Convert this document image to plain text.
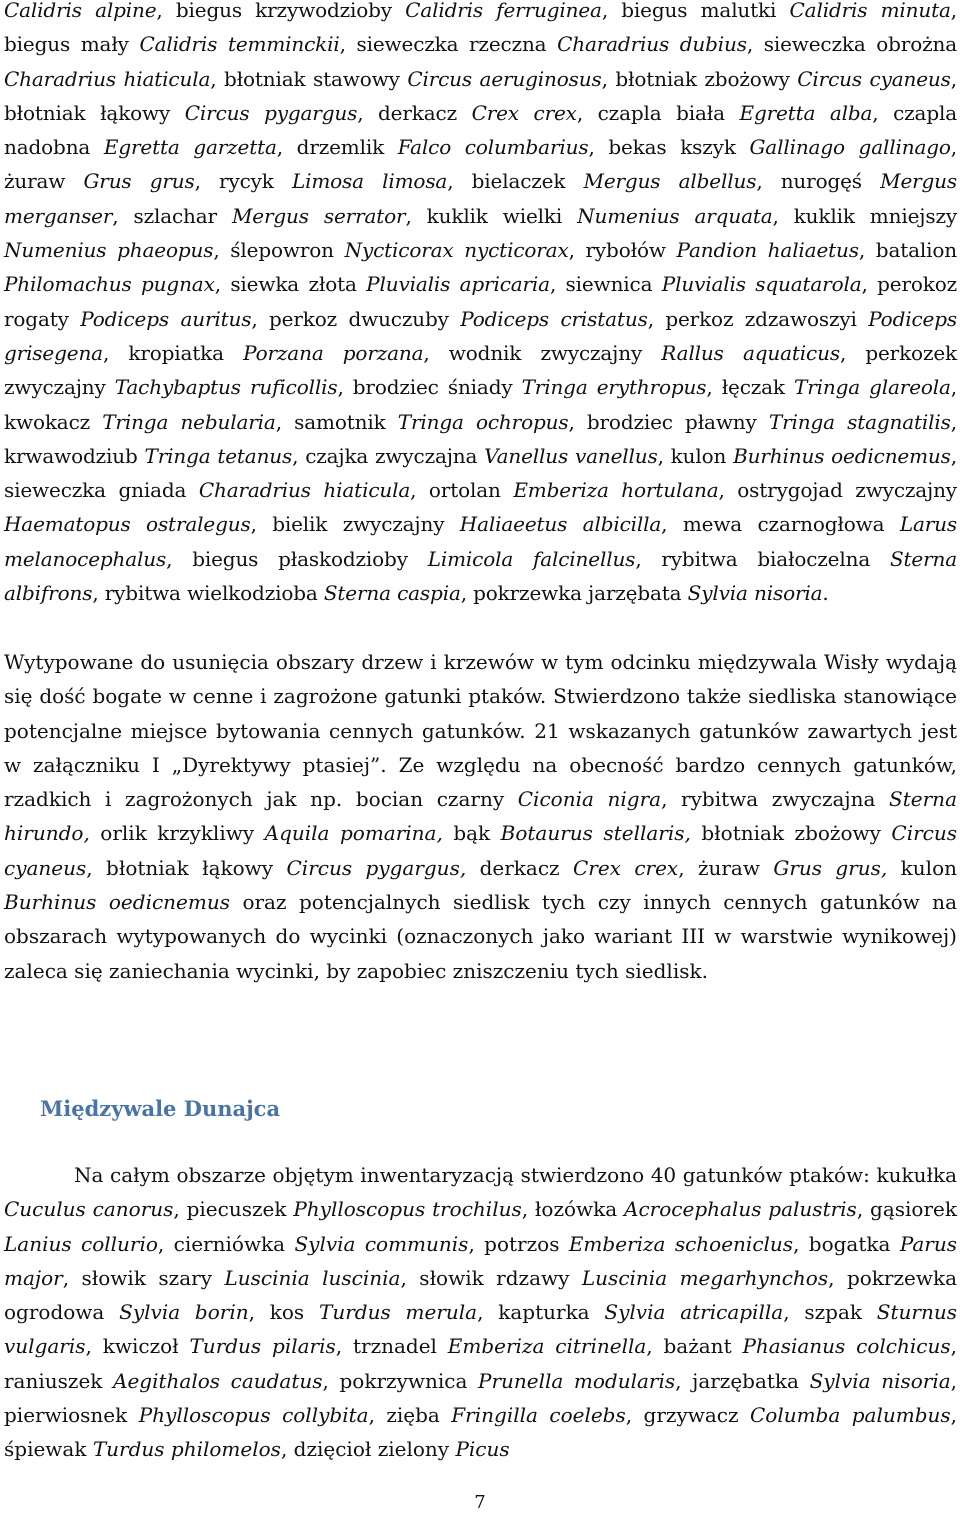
Calidris alpine, biegus krzywodzioby Calidris ferruginea, biegus malutki Calidris minuta, biegus mały Calidris temminckii, sieweczka rzeczna Charadrius dubius, sieweczka obrożna Charadrius hiaticula, błotniak stawowy Circus aeruginosus, błotniak zbożowy Circus cyaneus, błotniak łąkowy Circus pygargus, derkacz Crex crex, czapla biała Egretta alba, czapla nadobna Egretta garzetta, drzemlik Falco columbarius, bekas kszyk Gallinago gallinago, żuraw Grus grus, rycyk Limosa limosa, bielaczek Mergus albellus, nurogęś Mergus merganser, szlachar Mergus serrator, kuklik wielki Numenius arquata, kuklik mniejszy Numenius phaeopus, ślepowron Nycticorax nycticorax, rybołów Pandion haliaetus, batalion Philomachus pugnax, siewka złota Pluvialis apricaria, siewnica Pluvialis squatarola, perokoz rogaty Podiceps auritus, perkoz dwuczuby Podiceps cristatus, perkoz zdzawoszyi Podiceps grisegena, kropiatka Porzana porzana, wodnik zwyczajny Rallus aquaticus, perkozek zwyczajny Tachybaptus ruficollis, brodziec śniady Tringa erythropus, łęczak Tringa glareola, kwokacz Tringa nebularia, samotnik Tringa ochropus, brodziec pławny Tringa stagnatilis, krwawodziub Tringa tetanus, czajka zwyczajna Vanellus vanellus, kulon Burhinus oedicnemus, sieweczka gniada Charadrius hiaticula, ortolan Emberiza hortulana, ostrygojad zwyczajny Haematopus ostralegus, bielik zwyczajny Haliaeetus albicilla, mewa czarnogłowa Larus melanocephalus, biegus płaskodzioby Limicola falcinellus, rybitwa białoczelna Sterna albifrons, rybitwa wielkodzioba Sterna caspia, pokrzewka jarzębata Sylvia nisoria.

Wytypowane do usunięcia obszary drzew i krzewów w tym odcinku międzywala Wisły wydają się dość bogate w cenne i zagrożone gatunki ptaków. Stwierdzono także siedliska stanowiące potencjalne miejsce bytowania cennych gatunków. 21 wskazanych gatunków zawartych jest w załączniku I „Dyrektywy ptasiej”. Ze względu na obecność bardzo cennych gatunków, rzadkich i zagrożonych jak np. bocian czarny Ciconia nigra, rybitwa zwyczajna Sterna hirundo, orlik krzykliwy Aquila pomarina, bąk Botaurus stellaris, błotniak zbożowy Circus cyaneus, błotniak łąkowy Circus pygargus, derkacz Crex crex, żuraw Grus grus, kulon Burhinus oedicnemus oraz potencjalnych siedlisk tych czy innych cennych gatunków na obszarach wytypowanych do wycinki (oznaczonych jako wariant III w warstwie wynikowej) zaleca się zaniechania wycinki, by zapobiec zniszczeniu tych siedlisk.

Międzywale Dunajca

Na całym obszarze objętym inwentaryzacją stwierdzono 40 gatunków ptaków: kukułka Cuculus canorus, piecuszek Phylloscopus trochilus, łozówka Acrocephalus palustris, gąsiorek Lanius collurio, cierniówka Sylvia communis, potrzos Emberiza schoeniclus, bogatka Parus major, słowik szary Luscinia luscinia, słowik rdzawy Luscinia megarhynchos, pokrzewka ogrodowa Sylvia borin, kos Turdus merula, kapturka Sylvia atricapilla, szpak Sturnus vulgaris, kwiczoł Turdus pilaris, trznadel Emberiza citrinella, bażant Phasianus colchicus, raniuszek Aegithalos caudatus, pokrzywnica Prunella modularis, jarzębatka Sylvia nisoria, pierwiosnek Phylloscopus collybita, zięba Fringilla coelebs, grzywacz Columba palumbus, śpiewak Turdus philomelos, dzięcioł zielony Picus

7
